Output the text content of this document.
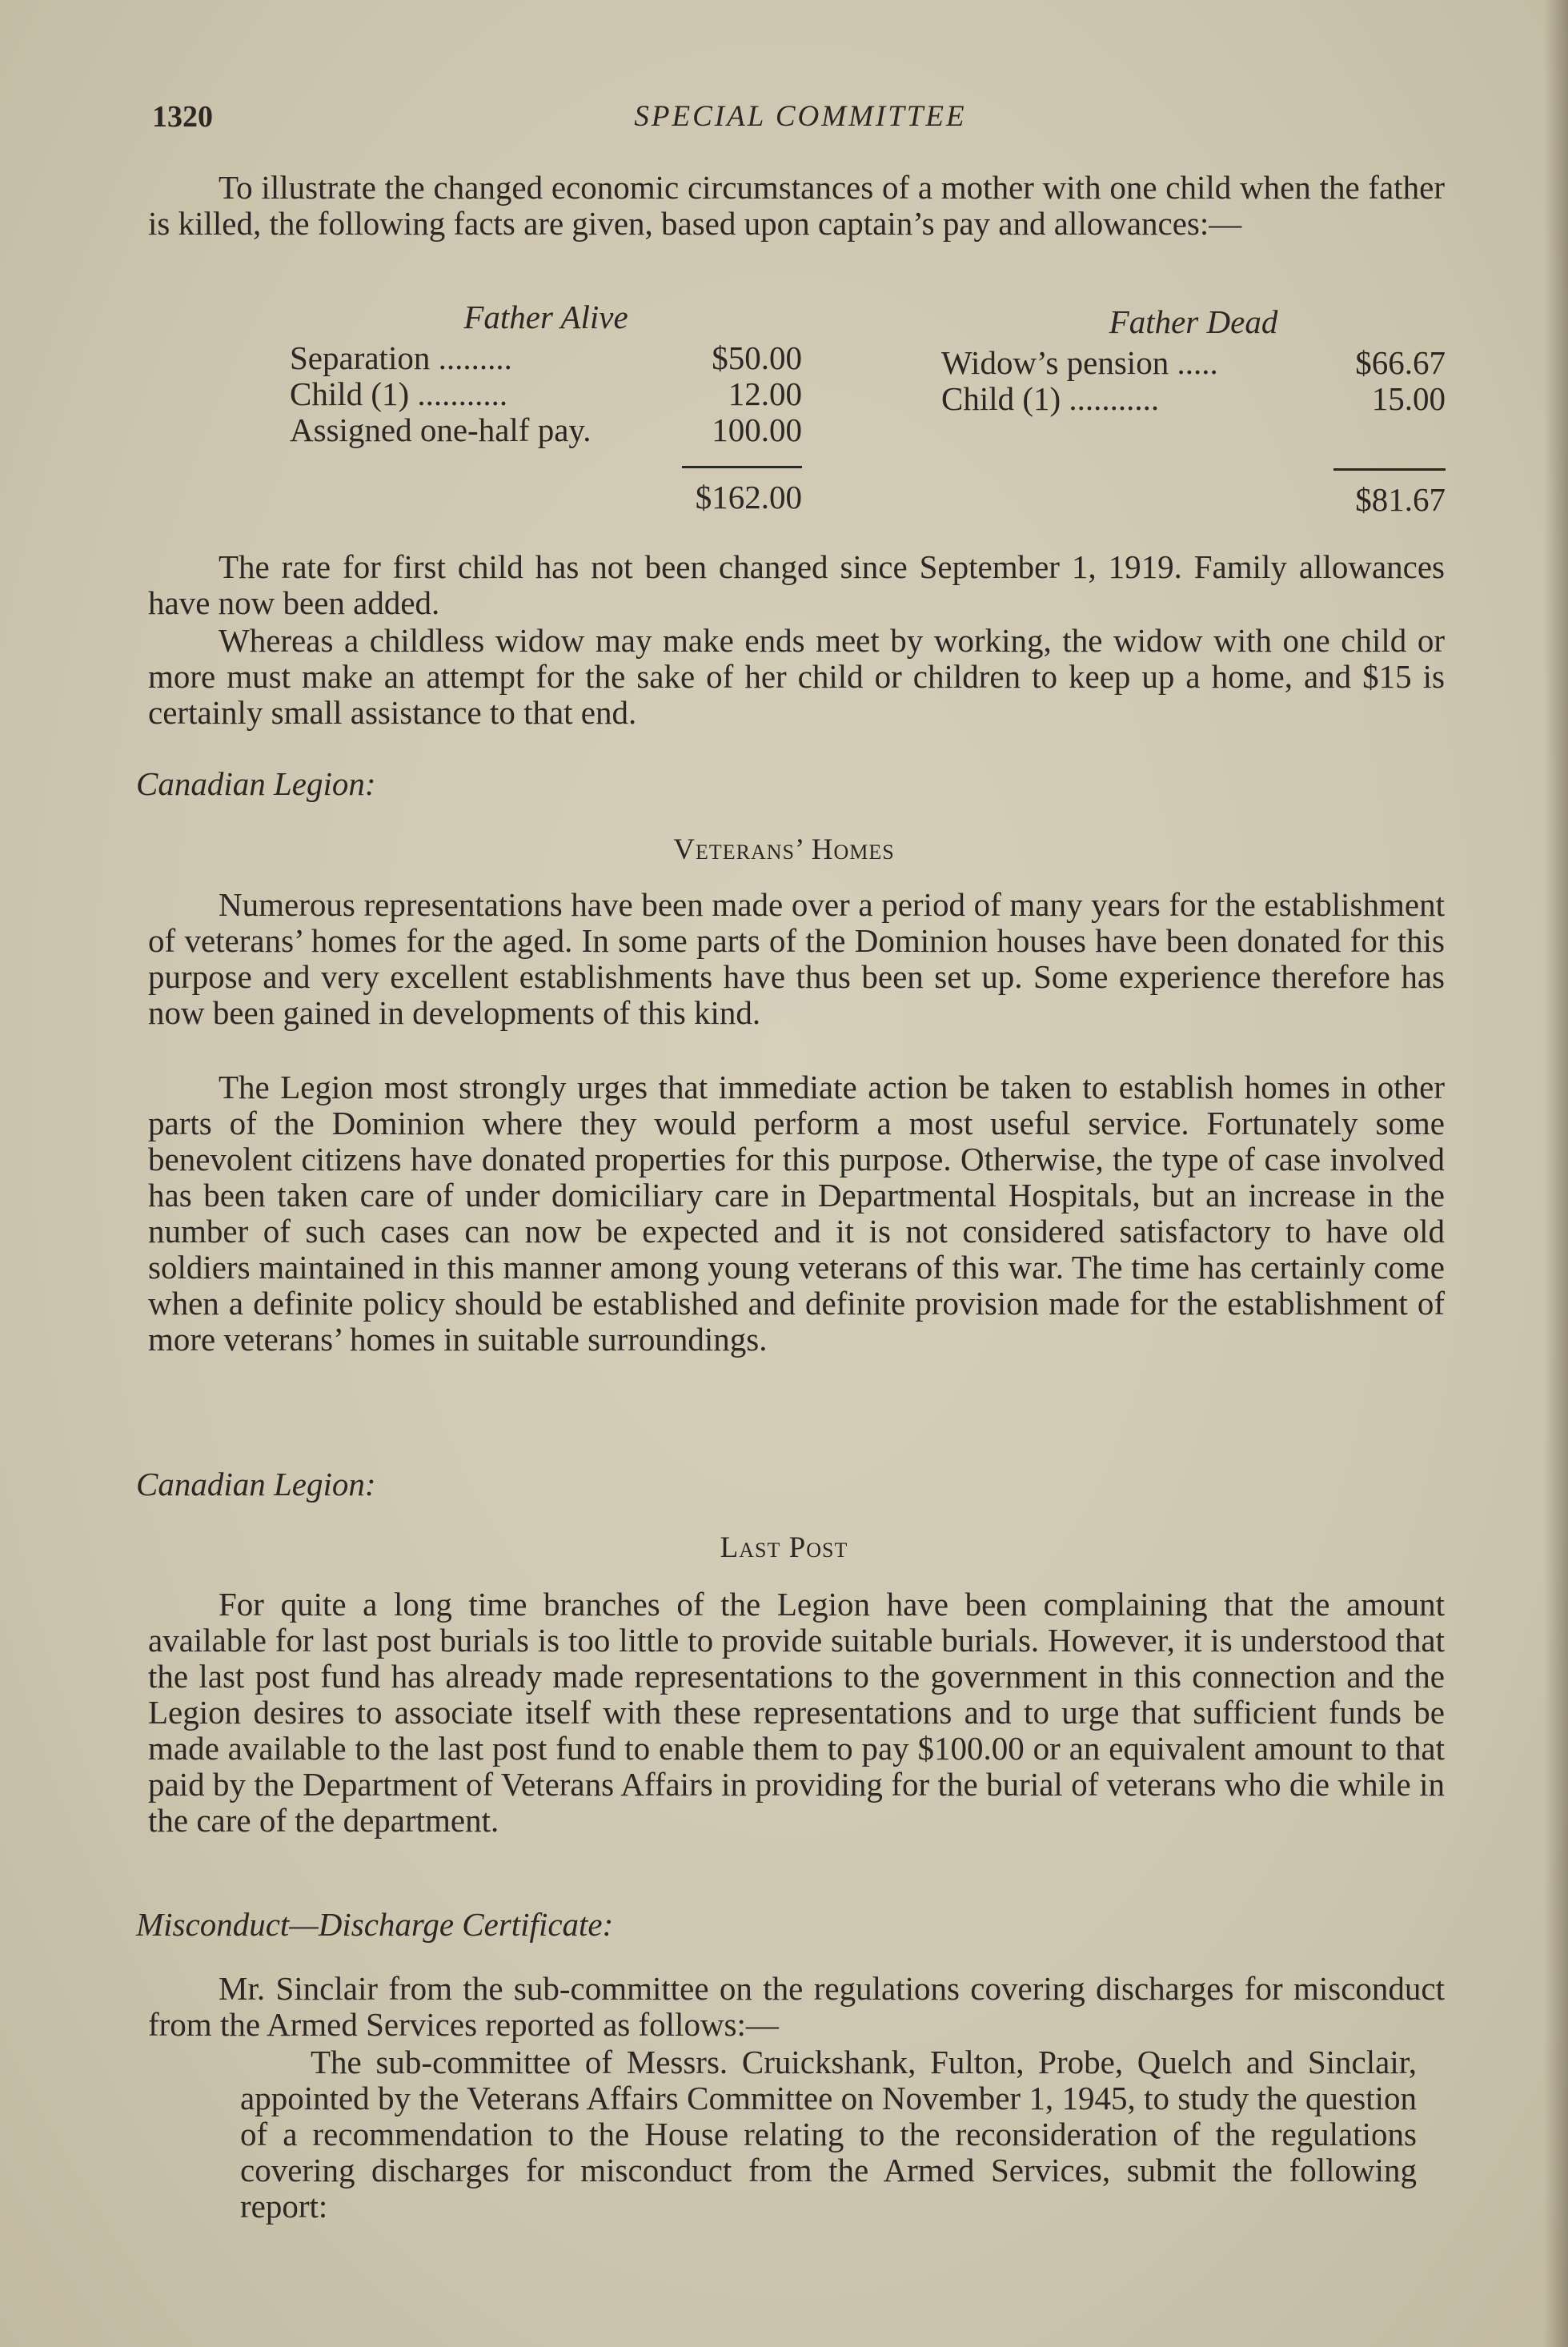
1320	SPECIAL COMMITTEE

To illustrate the changed economic circumstances of a mother with one child when the father is killed, the following facts are given, based upon captain’s pay and allowances:—

Father Alive
Separation .........	$50.00
Child (1) ...........	12.00
Assigned one-half pay.	100.00
$162.00
Father Dead
Widow’s pension .....	$66.67
Child (1) ...........	15.00
$81.67

The rate for first child has not been changed since September 1, 1919. Family allowances have now been added.

Whereas a childless widow may make ends meet by working, the widow with one child or more must make an attempt for the sake of her child or children to keep up a home, and $15 is certainly small assistance to that end.

Canadian Legion:
Veterans’ Homes

Numerous representations have been made over a period of many years for the establishment of veterans’ homes for the aged. In some parts of the Dominion houses have been donated for this purpose and very excellent establishments have thus been set up. Some experience therefore has now been gained in developments of this kind.

The Legion most strongly urges that immediate action be taken to establish homes in other parts of the Dominion where they would perform a most useful service. Fortunately some benevolent citizens have donated properties for this purpose. Otherwise, the type of case involved has been taken care of under domiciliary care in Departmental Hospitals, but an increase in the number of such cases can now be expected and it is not considered satisfactory to have old soldiers maintained in this manner among young veterans of this war. The time has certainly come when a definite policy should be established and definite provision made for the establishment of more veterans’ homes in suitable surroundings.

Canadian Legion:
Last Post

For quite a long time branches of the Legion have been complaining that the amount available for last post burials is too little to provide suitable burials. However, it is understood that the last post fund has already made representations to the government in this connection and the Legion desires to associate itself with these representations and to urge that sufficient funds be made available to the last post fund to enable them to pay $100.00 or an equivalent amount to that paid by the Department of Veterans Affairs in providing for the burial of veterans who die while in the care of the department.

Misconduct—Discharge Certificate:

Mr. Sinclair from the sub-committee on the regulations covering discharges for misconduct from the Armed Services reported as follows:—

The sub-committee of Messrs. Cruickshank, Fulton, Probe, Quelch and Sinclair, appointed by the Veterans Affairs Committee on November 1, 1945, to study the question of a recommendation to the House relating to the reconsideration of the regulations covering discharges for misconduct from the Armed Services, submit the following report:
